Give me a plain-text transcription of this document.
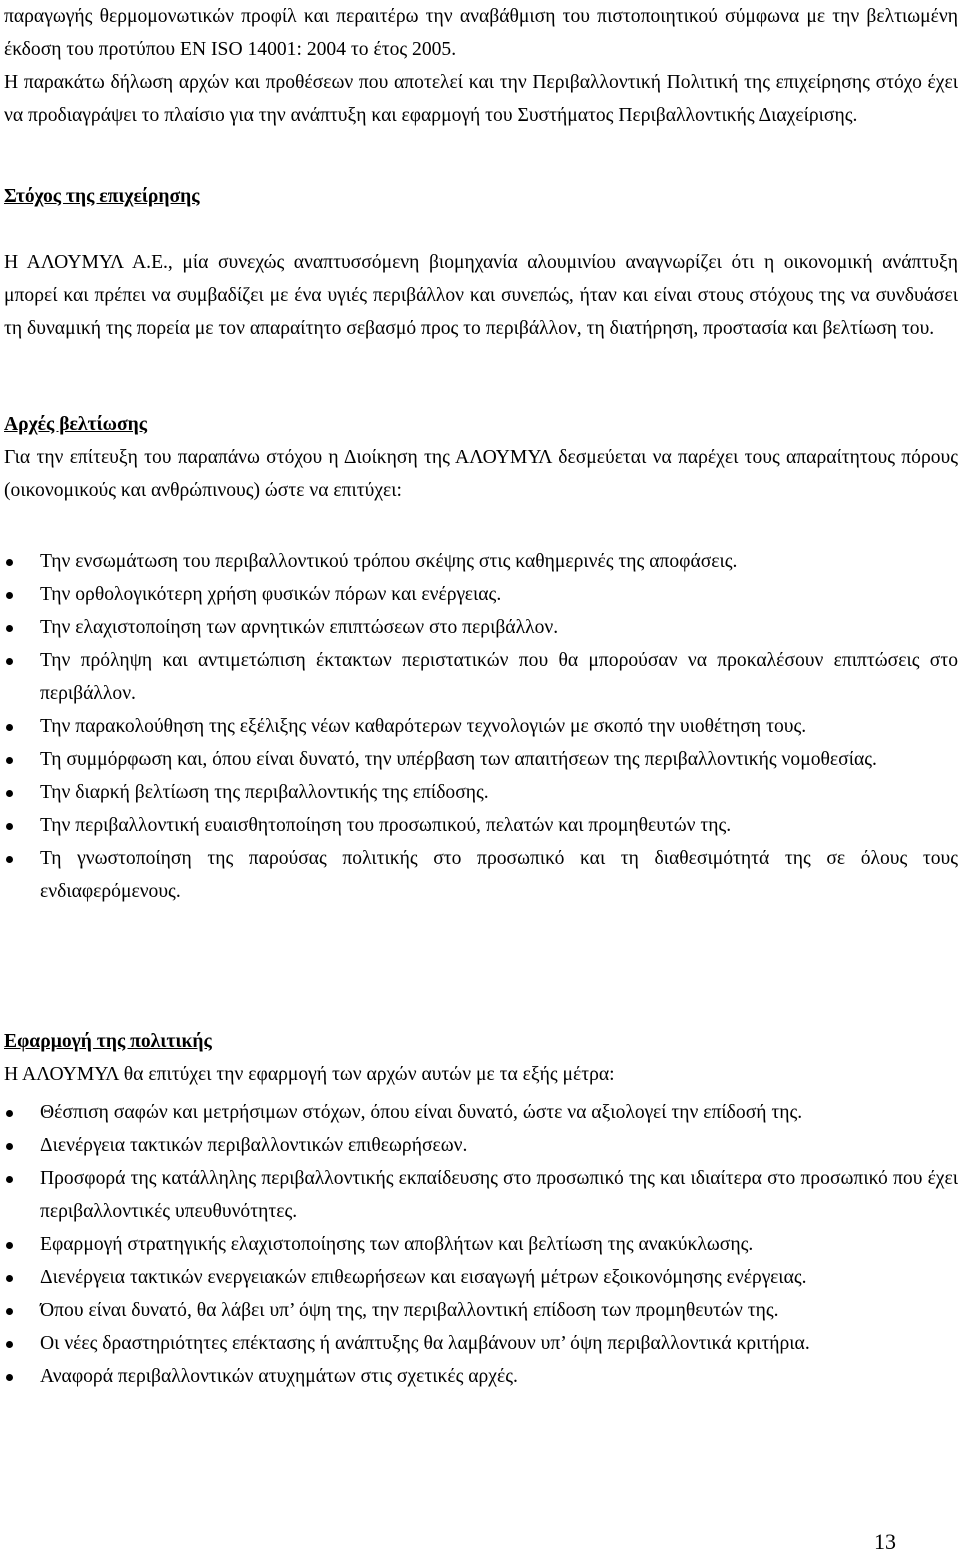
παραγωγής θερμομονωτικών προφίλ και περαιτέρω την αναβάθμιση του πιστοποιητικού σύμφωνα με την βελτιωμένη έκδοση του προτύπου EN ISO 14001: 2004 το έτος 2005.

Η παρακάτω δήλωση αρχών και προθέσεων που αποτελεί και την Περιβαλλοντική Πολιτική της επιχείρησης στόχο έχει να προδιαγράψει το πλαίσιο για την ανάπτυξη και εφαρμογή του Συστήματος Περιβαλλοντικής Διαχείρισης.

Στόχος της επιχείρησης

Η ΑΛΟΥΜΥΛ Α.Ε., μία συνεχώς αναπτυσσόμενη βιομηχανία αλουμινίου αναγνωρίζει ότι η οικονομική ανάπτυξη μπορεί και πρέπει να συμβαδίζει με ένα υγιές περιβάλλον και συνεπώς, ήταν και είναι στους στόχους της να συνδυάσει τη δυναμική της πορεία με τον απαραίτητο σεβασμό προς το περιβάλλον, τη διατήρηση, προστασία και βελτίωση του.

Αρχές βελτίωσης

Για την επίτευξη του παραπάνω στόχου η Διοίκηση της ΑΛΟΥΜΥΛ δεσμεύεται να παρέχει τους απαραίτητους πόρους (οικονομικούς και ανθρώπινους) ώστε να επιτύχει:

Την ενσωμάτωση του περιβαλλοντικού τρόπου σκέψης στις καθημερινές της αποφάσεις.
Την ορθολογικότερη χρήση φυσικών πόρων και ενέργειας.
Την ελαχιστοποίηση των αρνητικών επιπτώσεων στο περιβάλλον.
Την πρόληψη και αντιμετώπιση έκτακτων περιστατικών που θα μπορούσαν να προκαλέσουν επιπτώσεις στο περιβάλλον.
Την παρακολούθηση της εξέλιξης νέων καθαρότερων τεχνολογιών με σκοπό την υιοθέτηση τους.
Τη συμμόρφωση και, όπου είναι δυνατό, την υπέρβαση των απαιτήσεων της περιβαλλοντικής νομοθεσίας.
Την διαρκή βελτίωση της περιβαλλοντικής της επίδοσης.
Την περιβαλλοντική ευαισθητοποίηση του προσωπικού, πελατών και προμηθευτών της.
Τη γνωστοποίηση της παρούσας πολιτικής στο προσωπικό και τη διαθεσιμότητά της σε όλους τους ενδιαφερόμενους.

Εφαρμογή της πολιτικής

Η ΑΛΟΥΜΥΛ θα επιτύχει την εφαρμογή των αρχών αυτών με τα εξής μέτρα:

Θέσπιση σαφών και μετρήσιμων στόχων, όπου είναι δυνατό, ώστε να αξιολογεί την επίδοσή της.
Διενέργεια τακτικών περιβαλλοντικών επιθεωρήσεων.
Προσφορά της κατάλληλης περιβαλλοντικής εκπαίδευσης στο προσωπικό της και ιδιαίτερα στο προσωπικό που έχει περιβαλλοντικές υπευθυνότητες.
Εφαρμογή στρατηγικής ελαχιστοποίησης των αποβλήτων και βελτίωση της ανακύκλωσης.
Διενέργεια τακτικών ενεργειακών επιθεωρήσεων και εισαγωγή μέτρων εξοικονόμησης ενέργειας.
Όπου είναι δυνατό, θα λάβει υπ’ όψη της, την περιβαλλοντική επίδοση των προμηθευτών της.
Οι νέες δραστηριότητες επέκτασης ή ανάπτυξης θα λαμβάνουν υπ’ όψη περιβαλλοντικά κριτήρια.
Αναφορά περιβαλλοντικών ατυχημάτων στις σχετικές αρχές.
13
